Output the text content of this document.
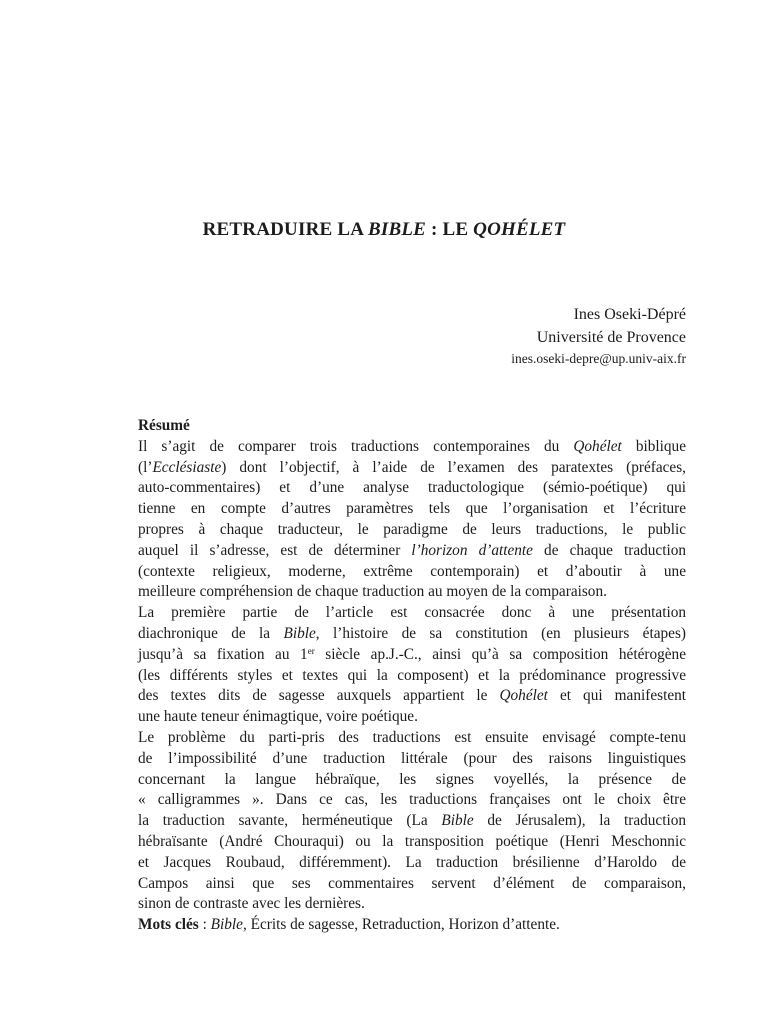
RETRADUIRE LA BIBLE : LE QOHÉLET
Ines Oseki-Dépré
Université de Provence
ines.oseki-depre@up.univ-aix.fr
Résumé
Il s’agit de comparer trois traductions contemporaines du Qohélet biblique
(l’Ecclésiaste) dont l’objectif, à l’aide de l’examen des paratextes (préfaces,
auto-commentaires) et d’une analyse traductologique (sémio-poétique) qui
tienne en compte d’autres paramètres tels que l’organisation et l’écriture
propres à chaque traducteur, le paradigme de leurs traductions, le public
auquel il s’adresse, est de déterminer l’horizon d’attente de chaque traduction
(contexte religieux, moderne, extrême contemporain) et d’aboutir à une
meilleure compréhension de chaque traduction au moyen de la comparaison.
La première partie de l’article est consacrée donc à une présentation
diachronique de la Bible, l’histoire de sa constitution (en plusieurs étapes)
jusqu’à sa fixation au 1er siècle ap.J.-C., ainsi qu’à sa composition hétérogène
(les différents styles et textes qui la composent) et la prédominance progressive
des textes dits de sagesse auxquels appartient le Qohélet et qui manifestent
une haute teneur énimagtique, voire poétique.
Le problème du parti-pris des traductions est ensuite envisagé compte-tenu
de l’impossibilité d’une traduction littérale (pour des raisons linguistiques
concernant la langue hébraïque, les signes voyellés, la présence de
« calligrammes ». Dans ce cas, les traductions françaises ont le choix être
la traduction savante, herméneutique (La Bible de Jérusalem), la traduction
hébraïsante (André Chouraqui) ou la transposition poétique (Henri Meschonnic
et Jacques Roubaud, différemment). La traduction brésilienne d’Haroldo de
Campos ainsi que ses commentaires servent d’élément de comparaison,
sinon de contraste avec les dernières.
Mots clés : Bible, Écrits de sagesse, Retraduction, Horizon d’attente.
